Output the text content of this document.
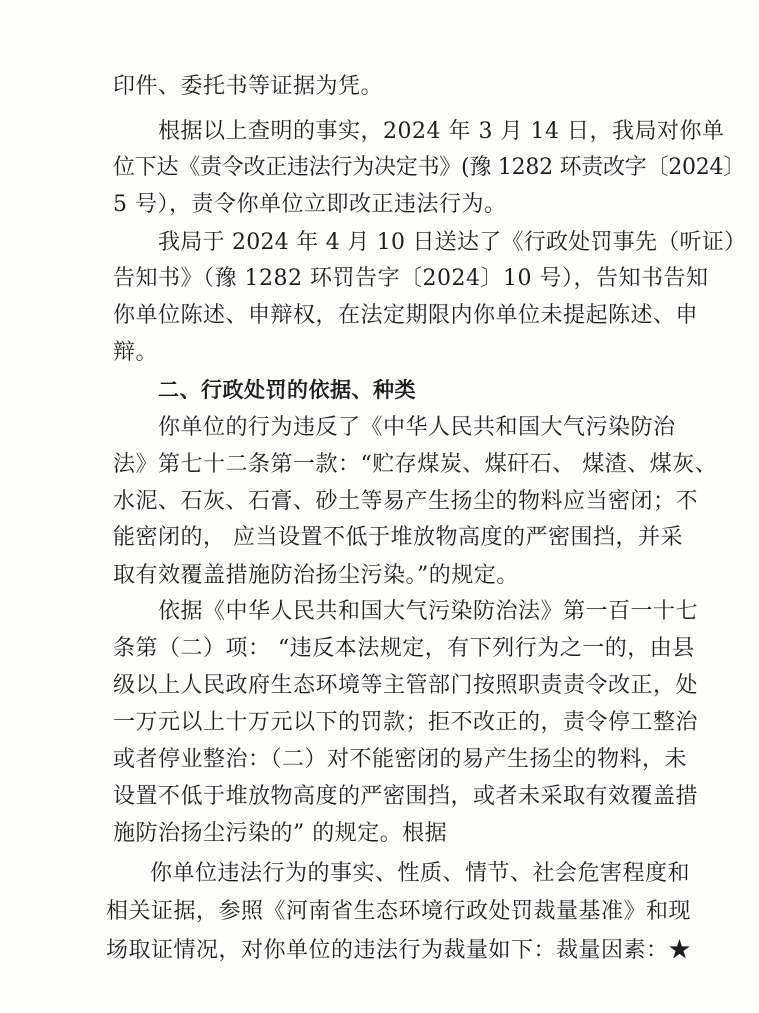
印件、委托书等证据为凭。
根据以上查明的事实，2024 年 3 月 14 日，我局对你单
位下达《责令改正违法行为决定书》(豫 1282 环责改字〔2024〕
5 号），责令你单位立即改正违法行为。
我局于 2024 年 4 月 10 日送达了《行政处罚事先（听证）
告知书》（豫 1282 环罚告字〔2024〕10 号），告知书告知
你单位陈述、申辩权，在法定期限内你单位未提起陈述、申
辩。
二、行政处罚的依据、种类
你单位的行为违反了《中华人民共和国大气污染防治
法》第七十二条第一款：“贮存煤炭、煤矸石、 煤渣、煤灰、
水泥、石灰、石膏、砂土等易产生扬尘的物料应当密闭；不
能密闭的， 应当设置不低于堆放物高度的严密围挡，并采
取有效覆盖措施防治扬尘污染。”的规定。
依据《中华人民共和国大气污染防治法》第一百一十七
条第（二）项： “违反本法规定，有下列行为之一的，由县
级以上人民政府生态环境等主管部门按照职责责令改正，处
一万元以上十万元以下的罚款；拒不改正的，责令停工整治
或者停业整治：（二）对不能密闭的易产生扬尘的物料，未
设置不低于堆放物高度的严密围挡，或者未采取有效覆盖措
施防治扬尘污染的” 的规定。根据
你单位违法行为的事实、性质、情节、社会危害程度和
相关证据，参照《河南省生态环境行政处罚裁量基准》和现
场取证情况，对你单位的违法行为裁量如下：裁量因素：★
